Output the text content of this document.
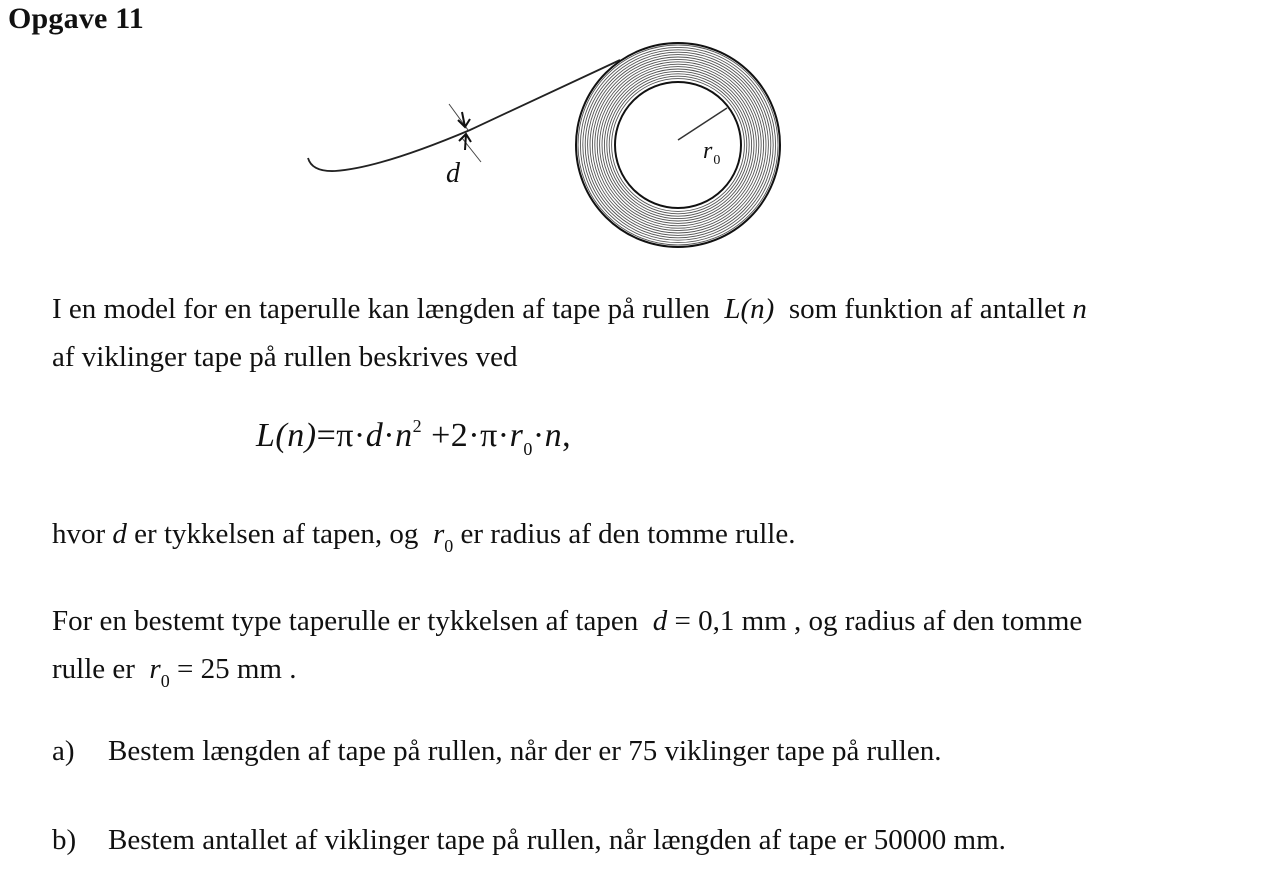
Opgave 11
d
$r_0$
I en model for en taperulle kan længden af tape på rullen L(n) som funktion af antallet n
af viklinger tape på rullen beskrives ved
$L(n)=\pi\cdot d\cdot n^2 +2\cdot\pi\cdot r_0\cdot n$,
hvor d er tykkelsen af tapen, og $r_0$ er radius af den tomme rulle.
For en bestemt type taperulle er tykkelsen af tapen d = 0,1 mm , og radius af den tomme
rulle er $r_0 = 25$ mm .
a) Bestem længden af tape på rullen, når der er 75 viklinger tape på rullen.
b) Bestem antallet af viklinger tape på rullen, når længden af tape er 50000 mm.
